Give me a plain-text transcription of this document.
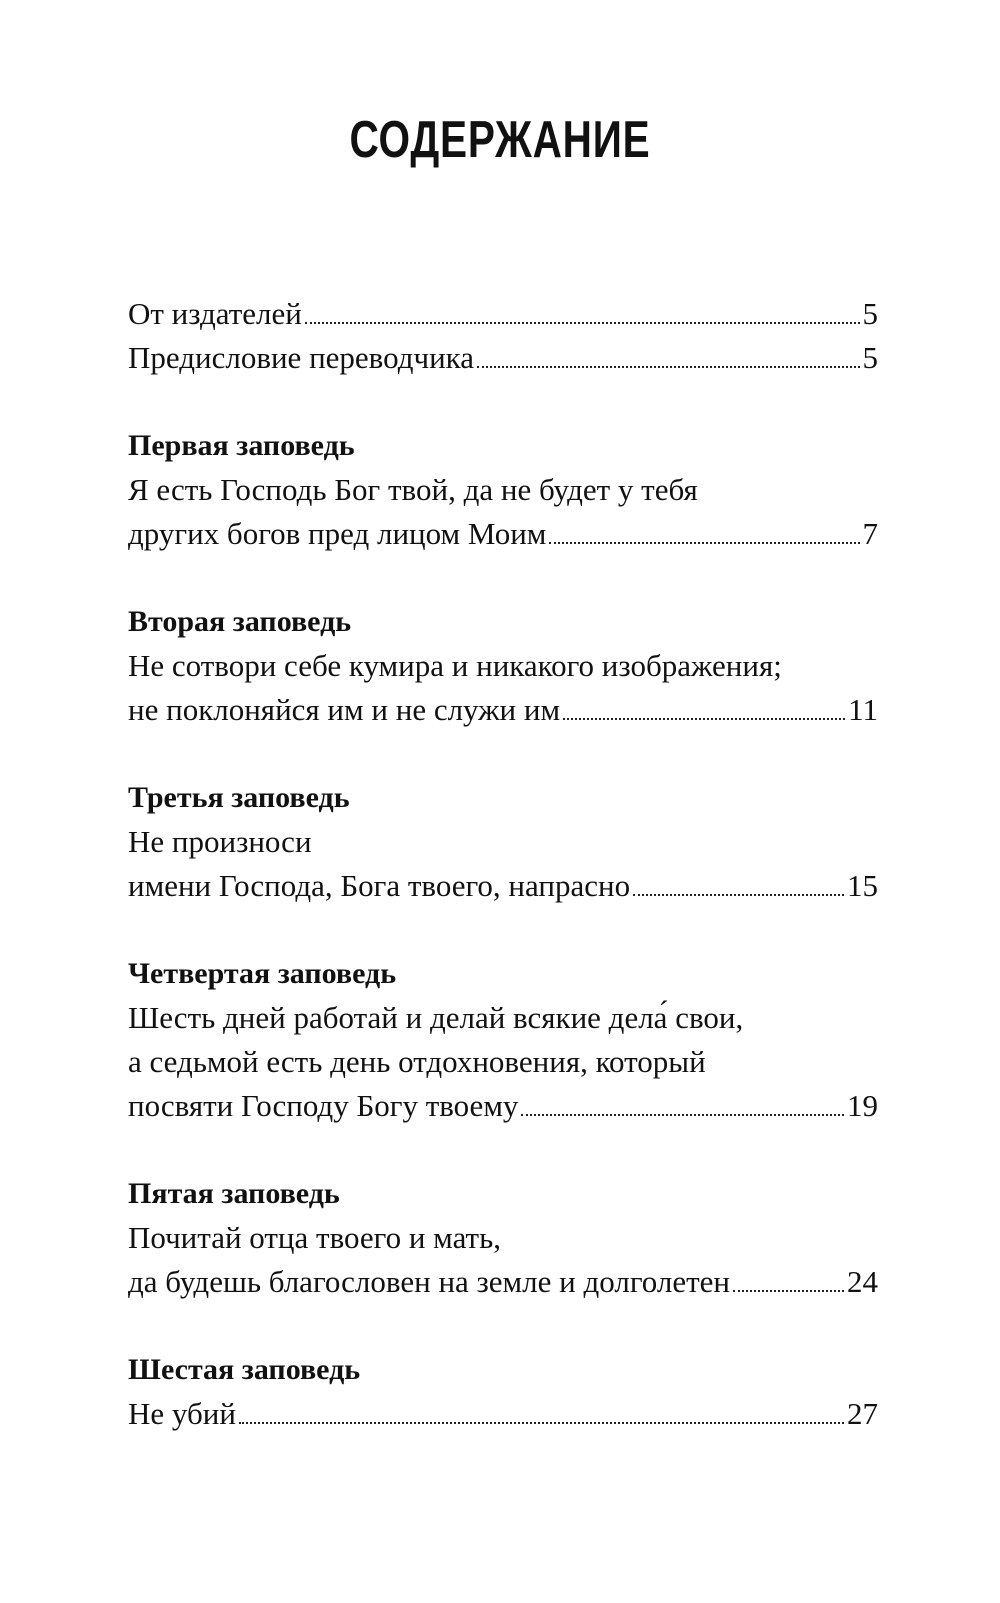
СОДЕРЖАНИЕ
От издателей	5
Предисловие переводчика	5
Первая заповедь
Я есть Господь Бог твой, да не будет у тебя
других богов пред лицом Моим	7
Вторая заповедь
Не сотвори себе кумира и никакого изображения;
не поклоняйся им и не служи им	11
Третья заповедь
Не произноси
имени Господа, Бога твоего, напрасно	15
Четвертая заповедь
Шесть дней работай и делай всякие дела́ свои,
а седьмой есть день отдохновения, который
посвяти Господу Богу твоему	19
Пятая заповедь
Почитай отца твоего и мать,
да будешь благословен на земле и долголетен	24
Шестая заповедь
Не убий	27
